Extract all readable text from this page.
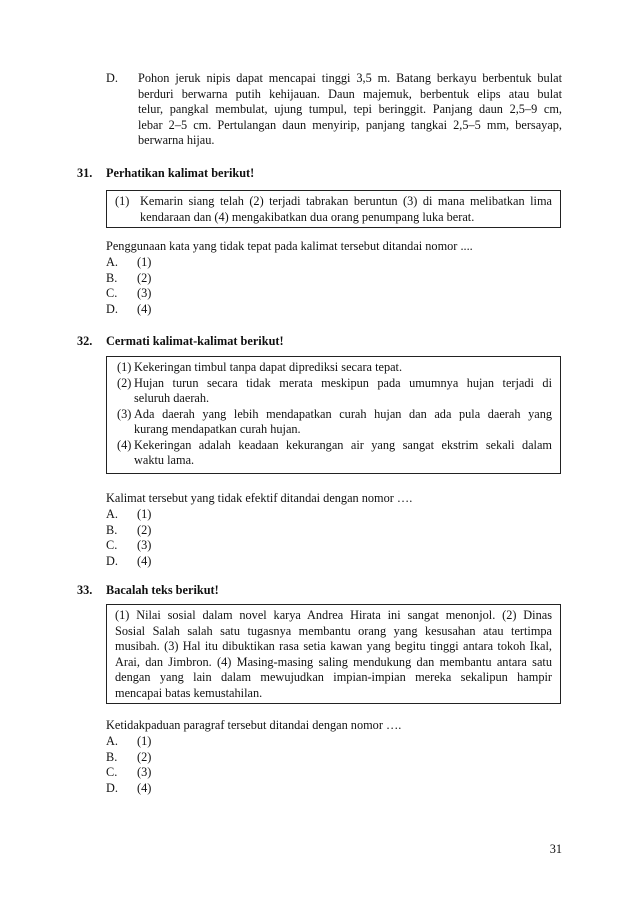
D. Pohon jeruk nipis dapat mencapai tinggi 3,5 m. Batang berkayu berbentuk bulat
berduri berwarna putih kehijauan. Daun majemuk, berbentuk elips atau bulat
telur, pangkal membulat, ujung tumpul, tepi beringgit. Panjang daun 2,5–9 cm,
lebar 2–5 cm. Pertulangan daun menyirip, panjang tangkai 2,5–5 mm, bersayap,
berwarna hijau.
31. Perhatikan kalimat berikut!
(1) Kemarin siang telah (2) terjadi tabrakan beruntun (3) di mana melibatkan lima
kendaraan dan (4) mengakibatkan dua orang penumpang luka berat.
Penggunaan kata yang tidak tepat pada kalimat tersebut ditandai nomor ....
A.	(1)
B.	(2)
C.	(3)
D.	(4)
32. Cermati kalimat-kalimat berikut!
(1) Kekeringan timbul tanpa dapat diprediksi secara tepat.
(2) Hujan turun secara tidak merata meskipun pada umumnya hujan terjadi di
seluruh daerah.
(3) Ada daerah yang lebih mendapatkan curah hujan dan ada pula daerah yang
kurang mendapatkan curah hujan.
(4) Kekeringan adalah keadaan kekurangan air yang sangat ekstrim sekali dalam
waktu lama.
Kalimat tersebut yang tidak efektif ditandai dengan nomor ….
A.	(1)
B.	(2)
C.	(3)
D.	(4)
33. Bacalah teks berikut!
(1) Nilai sosial dalam novel karya Andrea Hirata ini sangat menonjol. (2) Dinas
Sosial Salah salah satu tugasnya membantu orang yang kesusahan atau tertimpa
musibah. (3) Hal itu dibuktikan rasa setia kawan yang begitu tinggi antara tokoh Ikal,
Arai, dan Jimbron. (4) Masing-masing saling mendukung dan membantu antara satu
dengan yang lain dalam mewujudkan impian-impian mereka sekalipun hampir
mencapai batas kemustahilan.
Ketidakpaduan paragraf tersebut ditandai dengan nomor ….
A.	(1)
B.	(2)
C.	(3)
D.	(4)
31
